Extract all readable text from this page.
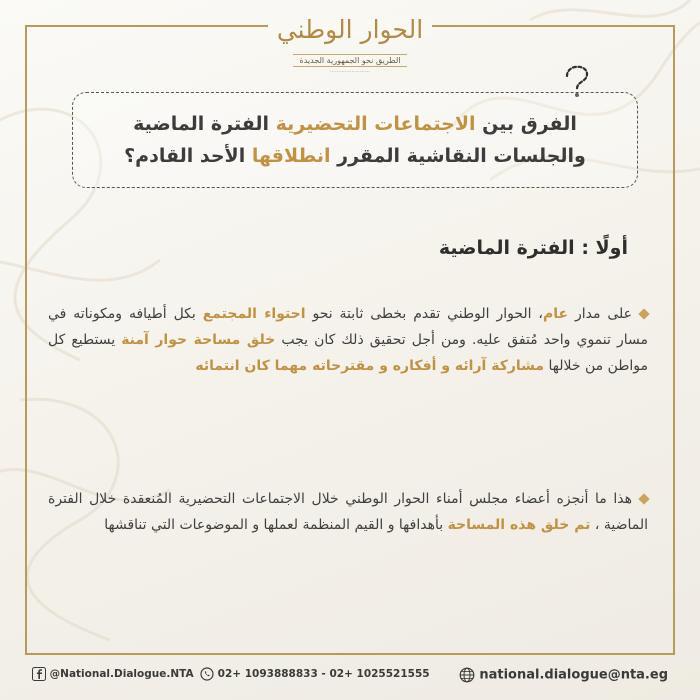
الحوار الوطني
الطريق نحو الجمهورية الجديدة
⋯⋯⋯⋯⋯⋯⋯⋯
الفرق بين الاجتماعات التحضيرية الفترة الماضية
والجلسات النقاشية المقرر انطلاقها الأحد القادم؟
أولًا : الفترة الماضية
على مدار عام، الحوار الوطني تقدم بخطى ثابتة نحو احتواء المجتمع بكل أطيافه ومكوناته في مسار تنموي واحد مُتفق عليه. ومن أجل تحقيق ذلك كان يجب خلق مساحة حوار آمنة يستطيع كل مواطن من خلالها مشاركة آرائه و أفكاره و مقترحاته مهما كان انتمائه
هذا ما أنجزه أعضاء مجلس أمناء الحوار الوطني خلال الاجتماعات التحضيرية المُنعقدة خلال الفترة الماضية ، تم خلق هذه المساحة بأهدافها و القيم المنظمة لعملها و الموضوعات التي تناقشها
@National.Dialogue.NTA	02+ 1093888833 - 02+ 1025521555	national.dialogue@nta.eg
